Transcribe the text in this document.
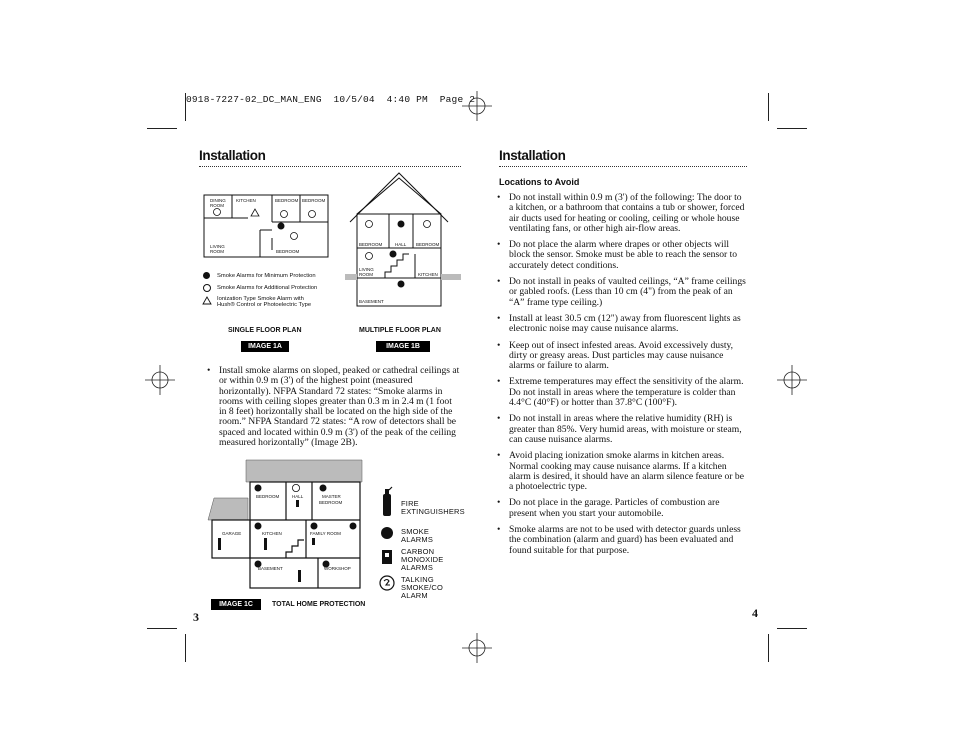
0918-7227-02_DC_MAN_ENG  10/5/04  4:40 PM  Page 2
Installation
DINING
ROOM
KITCHEN	BEDROOM BEDROOM
LIVING
ROOM	BEDROOM
Smoke Alarms for Minimum Protection
Smoke Alarms for Additional Protection
Ionization Type Smoke Alarm with
Hush® Control or Photoelectric Type
BEDROOM	HALL BEDROOM
LIVING
ROOM	KITCHEN
BASEMENT
SINGLE FLOOR PLAN	MULTIPLE FLOOR PLAN
IMAGE 1A	IMAGE 1B
• Install smoke alarms on sloped, peaked or cathedral ceilings at or within 0.9 m (3') of the highest point (measured horizontally). NFPA Standard 72 states: “Smoke alarms in rooms with ceiling slopes greater than 0.3 m in 2.4 m (1 foot in 8 feet) horizontally shall be located on the high side of the room.” NFPA Standard 72 states: “A row of detectors shall be spaced and located within 0.9 m (3') of the peak of the ceiling measured horizontally” (Image 2B).
BEDROOM	HALL	MASTER
BEDROOM
GARAGE	KITCHEN	FAMILY ROOM
BASEMENT	WORKSHOP
FIRE
EXTINGUISHERS
SMOKE
ALARMS
CARBON
MONOXIDE
ALARMS
TALKING
SMOKE/CO
ALARM
IMAGE 1C	TOTAL HOME PROTECTION
3
Installation
Locations to Avoid
• Do not install within 0.9 m (3') of the following: The door to a kitchen, or a bathroom that contains a tub or shower, forced air ducts used for heating or cooling, ceiling or whole house ventilating fans, or other high air-flow areas.
• Do not place the alarm where drapes or other objects will block the sensor. Smoke must be able to reach the sensor to accurately detect conditions.
• Do not install in peaks of vaulted ceilings, “A” frame ceilings or gabled roofs. (Less than 10 cm (4") from the peak of an “A” frame type ceiling.)
• Install at least 30.5 cm (12") away from fluorescent lights as electronic noise may cause nuisance alarms.
• Keep out of insect infested areas. Avoid excessively dusty, dirty or greasy areas. Dust particles may cause nuisance alarms or failure to alarm.
• Extreme temperatures may effect the sensitivity of the alarm. Do not install in areas where the temperature is colder than 4.4°C (40°F) or hotter than 37.8°C (100°F).
• Do not install in areas where the relative humidity (RH) is greater than 85%. Very humid areas, with moisture or steam, can cause nuisance alarms.
• Avoid placing ionization smoke alarms in kitchen areas. Normal cooking may cause nuisance alarms. If a kitchen alarm is desired, it should have an alarm silence feature or be a photoelectric type.
• Do not place in the garage. Particles of combustion are present when you start your automobile.
• Smoke alarms are not to be used with detector guards unless the combination (alarm and guard) has been evaluated and found suitable for that purpose.
4
